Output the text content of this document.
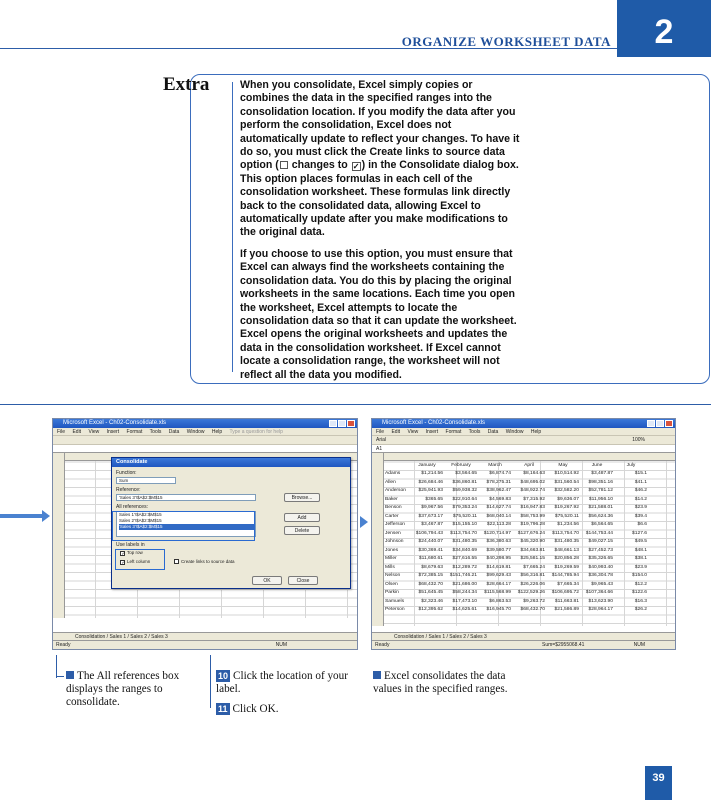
ORGANIZE WORKSHEET DATA	2
Extra	When you consolidate, Excel simply copies or combines the data in the specified ranges into the consolidation location. If you modify the data after you perform the consolidation, Excel does not automatically update to reflect your changes. To have it do so, you must click the Create links to source data option ( changes to ✓ ) in the Consolidate dialog box. This option places formulas in each cell of the consolidation worksheet. These formulas link directly back to the consolidated data, allowing Excel to automatically update after you make modifications to the original data.

If you choose to use this option, you must ensure that Excel can always find the worksheets containing the consolidation data. You do this by placing the original worksheets in the same locations. Each time you open the worksheet, Excel attempts to locate the consolidation data so that it can update the worksheet. Excel opens the original worksheets and updates the data in the consolidation worksheet. If Excel cannot locate a consolidation range, the worksheet will not reflect all the data you modified.

Microsoft Excel - Ch02-Consolidate.xls
File Edit View Insert Format Tools Data Window Help Type a question for help
Consolidate
Function:
Sum
Reference:
'Sales 3'!$A$2:$M$15	Browse...
All references:
Sales 1'!$A$2:$M$15
Sales 2'!$A$2:$M$15
'Sales 3'!$A$2:$M$15
Add
Delete
Use labels in
✓ Top row
✓ Left column	Create links to source data
OK	Close
Consolidation / Sales 1 / Sales 2 / Sales 3
Ready	NUM
Microsoft Excel - Ch02-Consolidate.xls
File Edit View Insert Format Tools Data Window Help
Arial	100%
A1
	January	February	March	April	May	June	July
Adams	$1,214.56	$3,564.65	$6,874.74	$8,164.63	$10,514.92	$3,487.87	$15.1
Allen	$26,684.46	$36,860.81	$78,275.31	$48,695.02	$31,560.54	$98,351.16	$41.1
Anderson	$25,941.93	$59,938.32	$38,962.47	$48,922.74	$32,582.20	$52,781.12	$46.2
Baker	$365.65	$22,910.64	$4,569.83	$7,315.92	$9,636.07	$11,956.10	$14.2
Benson	$9,967.56	$79,353.24	$14,627.74	$16,947.83	$19,267.92	$21,588.01	$23.9
Carter	$37,673.17	$75,520.11	$68,040.14	$58,753.99	$75,520.11	$56,624.36	$39.4
Jefferson	$3,467.87	$15,155.10	$22,113.28	$19,796.28	$1,234.56	$6,564.65	$6.6
Jensen	$106,794.43	$113,754.70	$120,714.97	$127,676.24	$113,754.70	$144,753.44	$127.6
Johnson	$24,440.07	$31,480.35	$36,380.63	$45,320.90	$31,480.35	$49,027.15	$49.5
Jones	$30,369.41	$34,840.69	$39,580.77	$34,663.81	$48,661.13	$27,452.73	$48.1
Miller	$11,680.61	$27,616.55	$40,298.95	$25,581.15	$20,856.28	$35,326.65	$38.1
Mills	$8,679.63	$12,289.72	$14,619.81	$7,665.24	$19,269.59	$40,993.40	$23.9
Nelson	$72,385.15	$151,746.21	$99,629.43	$56,316.81	$144,785.94	$36,304.78	$154.0
Olsen	$68,432.70	$21,686.00	$28,664.17	$26,226.06	$7,665.34	$9,965.43	$12.2
Parkin	$51,645.45	$58,244.34	$115,568.99	$122,529.26	$106,695.72	$107,364.66	$122.6
Samuels	$2,323.46	$17,473.10	$6,863.53	$9,263.72	$11,663.81	$13,623.90	$16.3
Peterson	$12,395.62	$14,625.61	$16,945.70	$68,432.70	$21,586.89	$28,964.17	$26.2
Consolidation / Sales 1 / Sales 2 / Sales 3
Ready	Sum=$2955068.41	NUM
The All references box displays the ranges to consolidate.
10 Click the location of your label.
11 Click OK.
Excel consolidates the data values in the specified ranges.
39
